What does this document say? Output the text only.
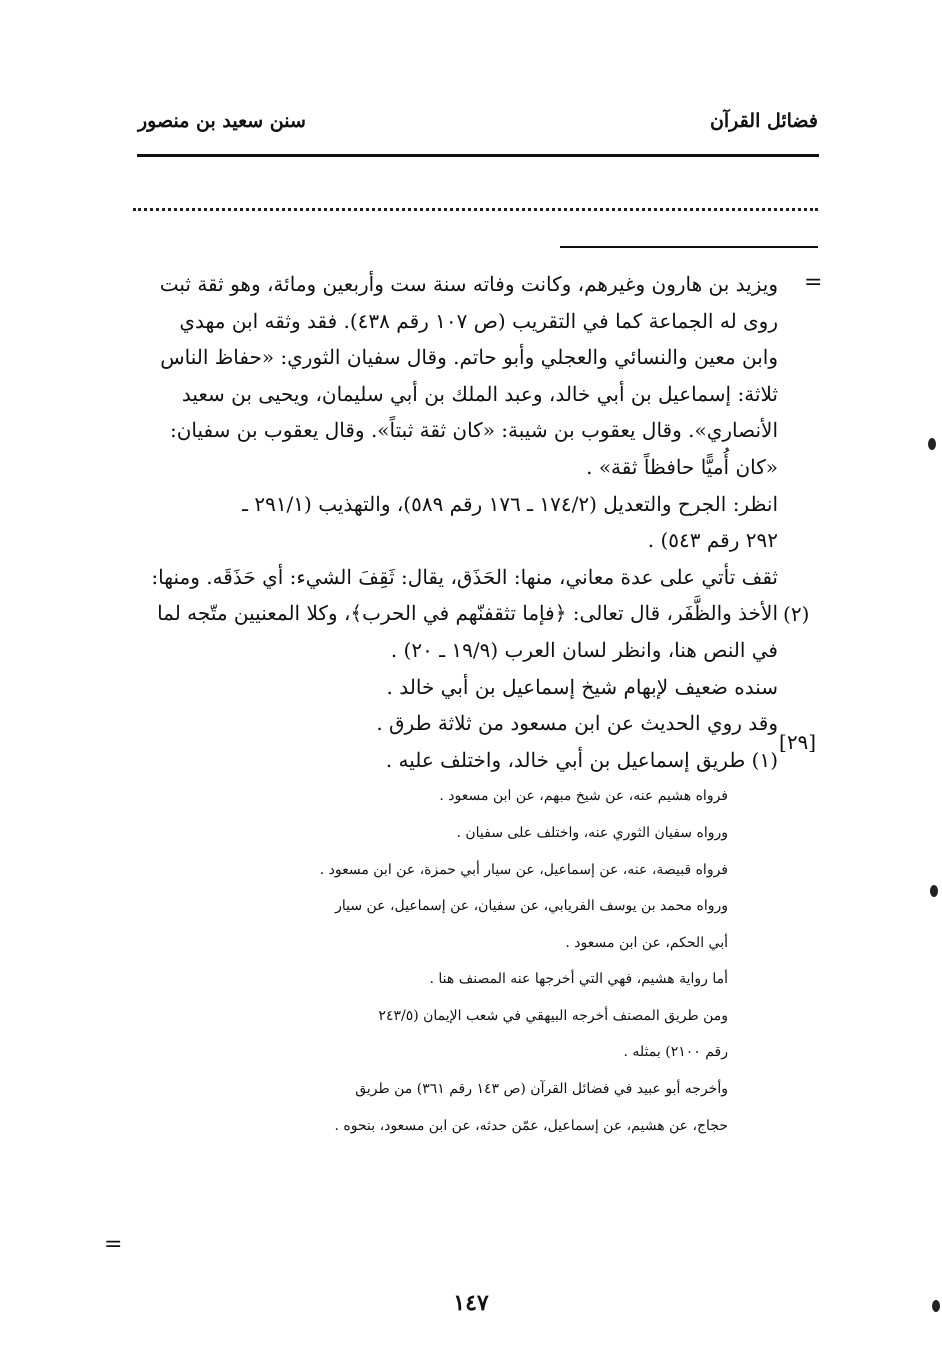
فضائل القرآن
سنن سعيد بن منصور
=
(٢)
[٢٩]
=
ويزيد بن هارون وغيرهم، وكانت وفاته سنة ست وأربعين ومائة، وهو ثقة ثبت
روى له الجماعة كما في التقريب (ص ١٠٧ رقم ٤٣٨). فقد وثقه ابن مهدي
وابن معين والنسائي والعجلي وأبو حاتم. وقال سفيان الثوري: «حفاظ الناس
ثلاثة: إسماعيل بن أبي خالد، وعبد الملك بن أبي سليمان، ويحيى بن سعيد
الأنصاري». وقال يعقوب بن شيبة: «كان ثقة ثبتاً». وقال يعقوب بن سفيان:
«كان أُميًّا حافظاً ثقة» .
انظر: الجرح والتعديل (١٧٤/٢ ـ ١٧٦ رقم ٥٨٩)، والتهذيب (٢٩١/١ ـ
٢٩٢ رقم ٥٤٣) .
ثقف تأتي على عدة معاني، منها: الحَذَق، يقال: ثَقِفَ الشيء: أي حَذَقَه. ومنها:
الأخذ والظَّفَر، قال تعالى: ﴿فإما تثقفنّهم في الحرب﴾، وكلا المعنيين متّجه لما
في النص هنا، وانظر لسان العرب (١٩/٩ ـ ٢٠) .
سنده ضعيف لإبهام شيخ إسماعيل بن أبي خالد .
وقد روي الحديث عن ابن مسعود من ثلاثة طرق .
(١) طريق إسماعيل بن أبي خالد، واختلف عليه .
فرواه هشيم عنه، عن شيخ مبهم، عن ابن مسعود .
ورواه سفيان الثوري عنه، واختلف على سفيان .
فرواه قبيصة، عنه، عن إسماعيل، عن سيار أبي حمزة، عن ابن مسعود .
ورواه محمد بن يوسف الفريابي، عن سفيان، عن إسماعيل، عن سيار
أبي الحكم، عن ابن مسعود .
أما رواية هشيم، فهي التي أخرجها عنه المصنف هنا .
ومن طريق المصنف أخرجه البيهقي في شعب الإيمان (٢٤٣/٥
رقم ٢١٠٠) بمثله .
وأخرجه أبو عبيد في فضائل القرآن (ص ١٤٣ رقم ٣٦١) من طريق
حجاج، عن هشيم، عن إسماعيل، عمّن حدثه، عن ابن مسعود، بنحوه .
١٤٧
